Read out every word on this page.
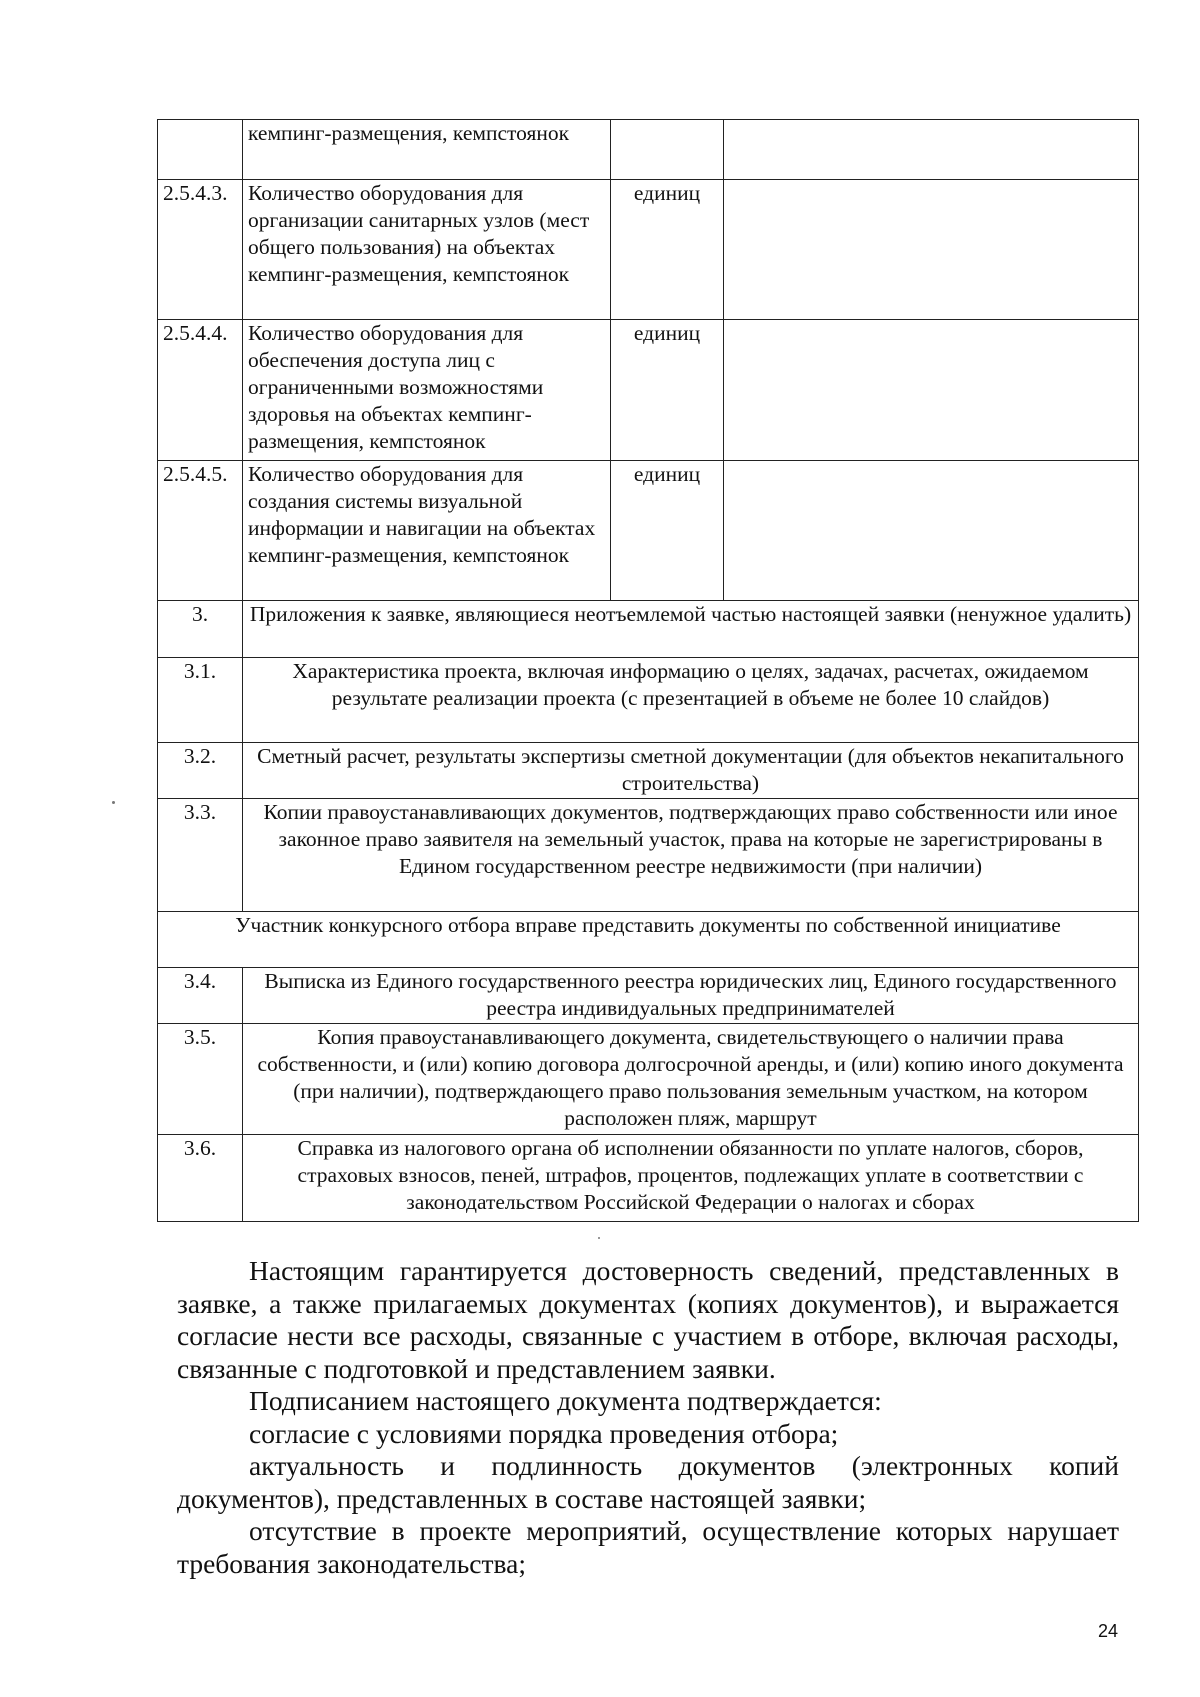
	кемпинг-размещения, кемпстоянок		
2.5.4.3.	Количество оборудования для организации санитарных узлов (мест общего пользования) на объектах кемпинг-размещения, кемпстоянок	единиц	
2.5.4.4.	Количество оборудования для обеспечения доступа лиц с ограниченными возможностями здоровья на объектах кемпинг-размещения, кемпстоянок	единиц	
2.5.4.5.	Количество оборудования для создания системы визуальной информации и навигации на объектах кемпинг-размещения, кемпстоянок	единиц	
3.	Приложения к заявке, являющиеся неотъемлемой частью настоящей заявки (ненужное удалить)		
3.1.	Характеристика проекта, включая информацию о целях, задачах, расчетах, ожидаемом результате реализации проекта (с презентацией в объеме не более 10 слайдов)		
3.2.	Сметный расчет, результаты экспертизы сметной документации (для объектов некапитального строительства)		
3.3.	Копии правоустанавливающих документов, подтверждающих право собственности или иное законное право заявителя на земельный участок, права на которые не зарегистрированы в Едином государственном реестре недвижимости (при наличии)		
Участник конкурсного отбора вправе представить документы по собственной инициативе			
3.4.	Выписка из Единого государственного реестра юридических лиц, Единого государственного реестра индивидуальных предпринимателей		
3.5.	Копия правоустанавливающего документа, свидетельствующего о наличии права собственности, и (или) копию договора долгосрочной аренды, и (или) копию иного документа (при наличии), подтверждающего право пользования земельным участком, на котором расположен пляж, маршрут		
3.6.	Справка из налогового органа об исполнении обязанности по уплате налогов, сборов, страховых взносов, пеней, штрафов, процентов, подлежащих уплате в соответствии с законодательством Российской Федерации о налогах и сборах		

Настоящим гарантируется достоверность сведений, представленных в заявке, а также прилагаемых документах (копиях документов), и выражается согласие нести все расходы, связанные с участием в отборе, включая расходы, связанные с подготовкой и представлением заявки.

Подписанием настоящего документа подтверждается:

согласие с условиями порядка проведения отбора;

актуальность и подлинность документов (электронных копий документов), представленных в составе настоящей заявки;

отсутствие в проекте мероприятий, осуществление которых нарушает требования законодательства;

24
